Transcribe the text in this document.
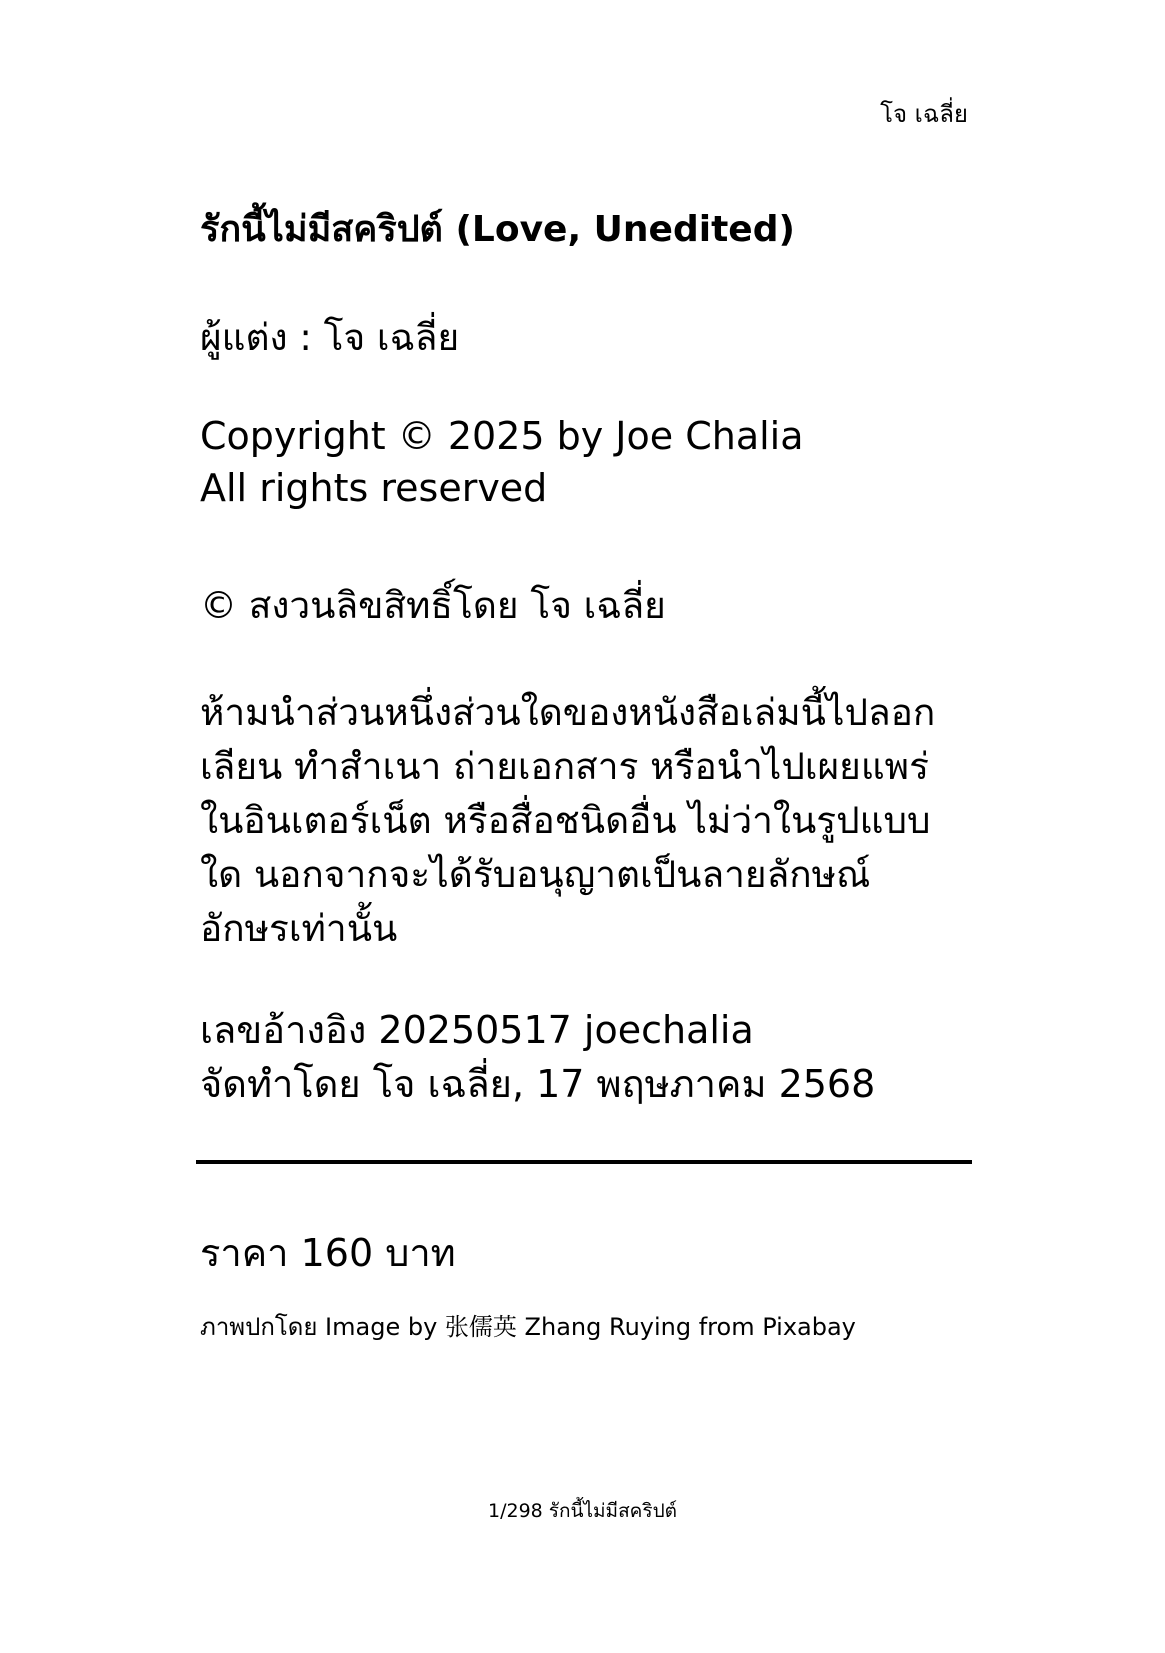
โจ เฉลี่ย
รักนี้ไม่มีสคริปต์ (Love, Unedited)
ผู้แต่ง : โจ เฉลี่ย
Copyright © 2025 by Joe Chalia
All rights reserved
© สงวนลิขสิทธิ์โดย โจ เฉลี่ย
ห้ามนำส่วนหนึ่งส่วนใดของหนังสือเล่มนี้ไปลอก
เลียน ทำสำเนา ถ่ายเอกสาร หรือนำไปเผยแพร่
ในอินเตอร์เน็ต หรือสื่อชนิดอื่น ไม่ว่าในรูปแบบ
ใด นอกจากจะได้รับอนุญาตเป็นลายลักษณ์
อักษรเท่านั้น
เลขอ้างอิง 20250517 joechalia
จัดทำโดย โจ เฉลี่ย, 17 พฤษภาคม 2568
ราคา 160 บาท
ภาพปกโดย Image by 张儒英 Zhang Ruying from Pixabay
1/298 รักนี้ไม่มีสคริปต์
